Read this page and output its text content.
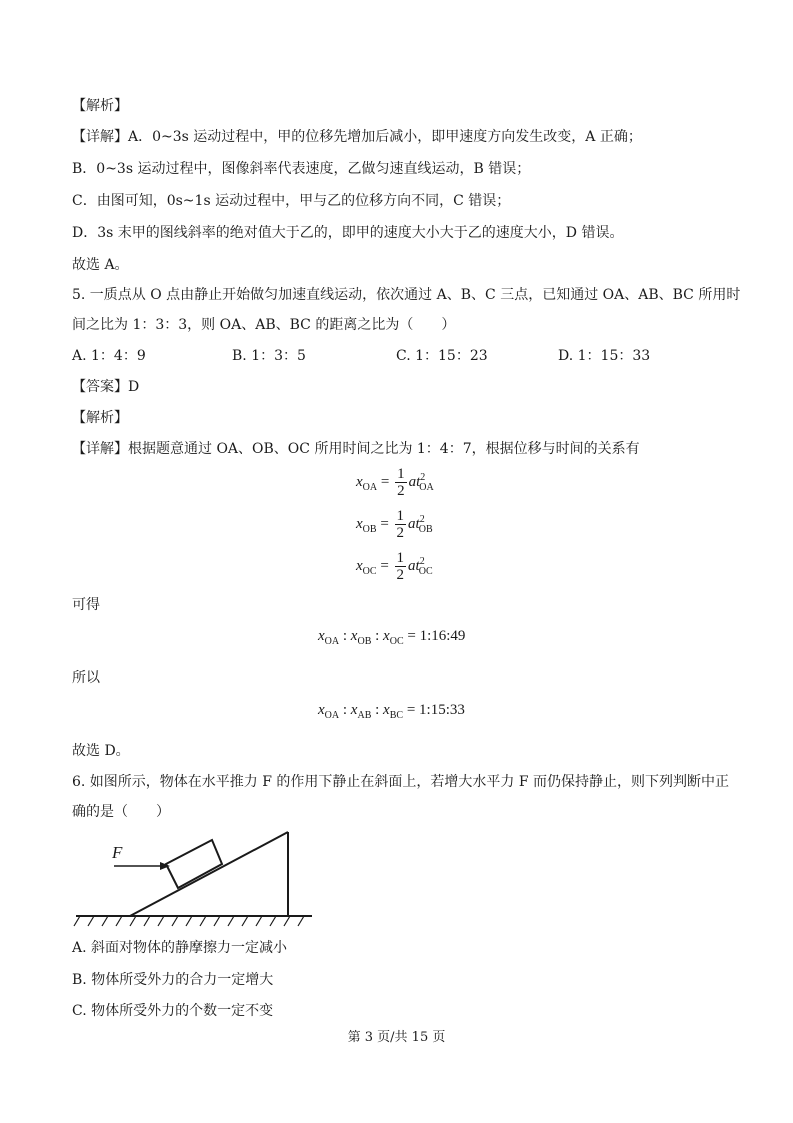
【解析】
【详解】A．0~3s 运动过程中，甲的位移先增加后减小，即甲速度方向发生改变，A 正确；
B．0~3s 运动过程中，图像斜率代表速度，乙做匀速直线运动，B 错误；
C．由图可知，0s~1s 运动过程中，甲与乙的位移方向不同，C 错误；
D．3s 末甲的图线斜率的绝对值大于乙的，即甲的速度大小大于乙的速度大小，D 错误。
故选 A。
5. 一质点从 O 点由静止开始做匀加速直线运动，依次通过 A、B、C 三点，已知通过 OA、AB、BC 所用时
间之比为 1：3：3，则 OA、AB、BC 的距离之比为（　　）
A. 1：4：9	B. 1：3：5	C. 1：15：23	D. 1：15：33
【答案】D
【解析】
【详解】根据题意通过 OA、OB、OC 所用时间之比为 1：4：7，根据位移与时间的关系有
$x_{OA} = \frac{1}{2} at^2_{OA}$
$x_{OB} = \frac{1}{2} at^2_{OB}$
$x_{OC} = \frac{1}{2} at^2_{OC}$
可得
$x_{OA}$ : $x_{OB}$ : $x_{OC}$ = 1:16:49
所以
$x_{OA}$ : $x_{AB}$ : $x_{BC}$ = 1:15:33
故选 D。
6. 如图所示，物体在水平推力 F 的作用下静止在斜面上，若增大水平力 F 而仍保持静止，则下列判断中正
确的是（　　）
F
A. 斜面对物体的静摩擦力一定减小
B. 物体所受外力的合力一定增大
C. 物体所受外力的个数一定不变
第 3 页/共 15 页
